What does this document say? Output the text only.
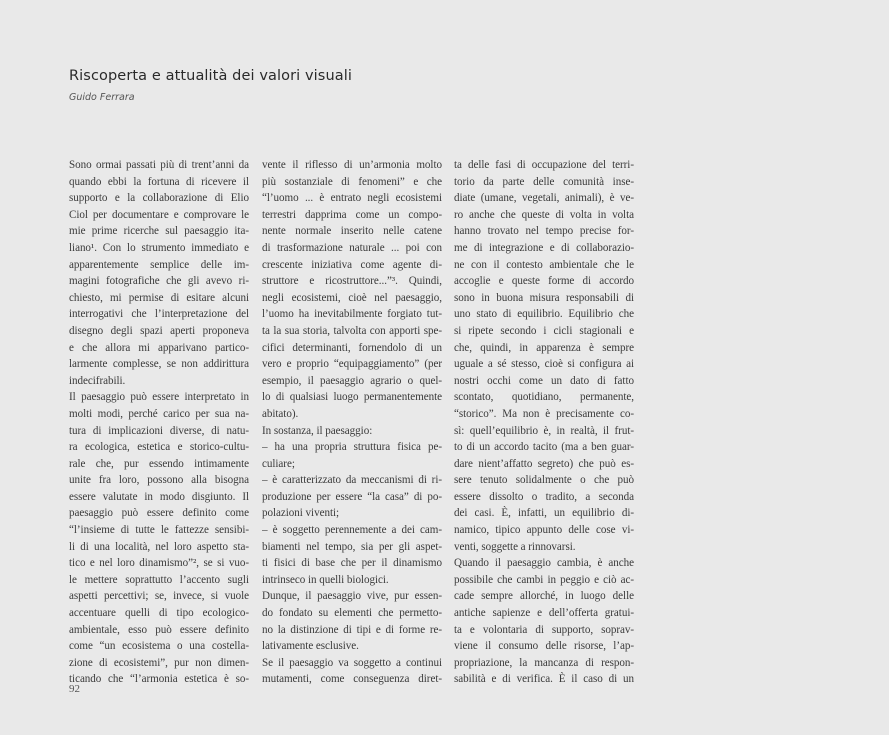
Riscoperta e attualità dei valori visuali
Guido Ferrara
Sono ormai passati più di trent’anni da
quando ebbi la fortuna di ricevere il
supporto e la collaborazione di Elio
Ciol per documentare e comprovare le
mie prime ricerche sul paesaggio ita-
liano¹. Con lo strumento immediato e
apparentemente semplice delle im-
magini fotografiche che gli avevo ri-
chiesto, mi permise di esitare alcuni
interrogativi che l’interpretazione del
disegno degli spazi aperti proponeva
e che allora mi apparivano partico-
larmente complesse, se non addirittura
indecifrabili.
Il paesaggio può essere interpretato in
molti modi, perché carico per sua na-
tura di implicazioni diverse, di natu-
ra ecologica, estetica e storico-cultu-
rale che, pur essendo intimamente
unite fra loro, possono alla bisogna
essere valutate in modo disgiunto. Il
paesaggio può essere definito come
“l’insieme di tutte le fattezze sensibi-
li di una località, nel loro aspetto sta-
tico e nel loro dinamismo”², se si vuo-
le mettere soprattutto l’accento sugli
aspetti percettivi; se, invece, si vuole
accentuare quelli di tipo ecologico-
ambientale, esso può essere definito
come “un ecosistema o una costella-
zione di ecosistemi”, pur non dimen-
ticando che “l’armonia estetica è so-
vente il riflesso di un’armonia molto
più sostanziale di fenomeni” e che
“l’uomo ... è entrato negli ecosistemi
terrestri dapprima come un compo-
nente normale inserito nelle catene
di trasformazione naturale ... poi con
crescente iniziativa come agente di-
struttore e ricostruttore...”³. Quindi,
negli ecosistemi, cioè nel paesaggio,
l’uomo ha inevitabilmente forgiato tut-
ta la sua storia, talvolta con apporti spe-
cifici determinanti, fornendolo di un
vero e proprio “equipaggiamento” (per
esempio, il paesaggio agrario o quel-
lo di qualsiasi luogo permanentemente
abitato).
In sostanza, il paesaggio:
– ha una propria struttura fisica pe-
culiare;
– è caratterizzato da meccanismi di ri-
produzione per essere “la casa” di po-
polazioni viventi;
– è soggetto perennemente a dei cam-
biamenti nel tempo, sia per gli aspet-
ti fisici di base che per il dinamismo
intrinseco in quelli biologici.
Dunque, il paesaggio vive, pur essen-
do fondato su elementi che permetto-
no la distinzione di tipi e di forme re-
lativamente esclusive.
Se il paesaggio va soggetto a continui
mutamenti, come conseguenza diret-
ta delle fasi di occupazione del terri-
torio da parte delle comunità inse-
diate (umane, vegetali, animali), è ve-
ro anche che queste di volta in volta
hanno trovato nel tempo precise for-
me di integrazione e di collaborazio-
ne con il contesto ambientale che le
accoglie e queste forme di accordo
sono in buona misura responsabili di
uno stato di equilibrio. Equilibrio che
si ripete secondo i cicli stagionali e
che, quindi, in apparenza è sempre
uguale a sé stesso, cioè si configura ai
nostri occhi come un dato di fatto
scontato, quotidiano, permanente,
“storico”. Ma non è precisamente co-
sì: quell’equilibrio è, in realtà, il frut-
to di un accordo tacito (ma a ben guar-
dare nient’affatto segreto) che può es-
sere tenuto solidalmente o che può
essere dissolto o tradito, a seconda
dei casi. È, infatti, un equilibrio di-
namico, tipico appunto delle cose vi-
venti, soggette a rinnovarsi.
Quando il paesaggio cambia, è anche
possibile che cambi in peggio e ciò ac-
cade sempre allorché, in luogo delle
antiche sapienze e dell’offerta gratui-
ta e volontaria di supporto, soprav-
viene il consumo delle risorse, l’ap-
propriazione, la mancanza di respon-
sabilità e di verifica. È il caso di un
92
